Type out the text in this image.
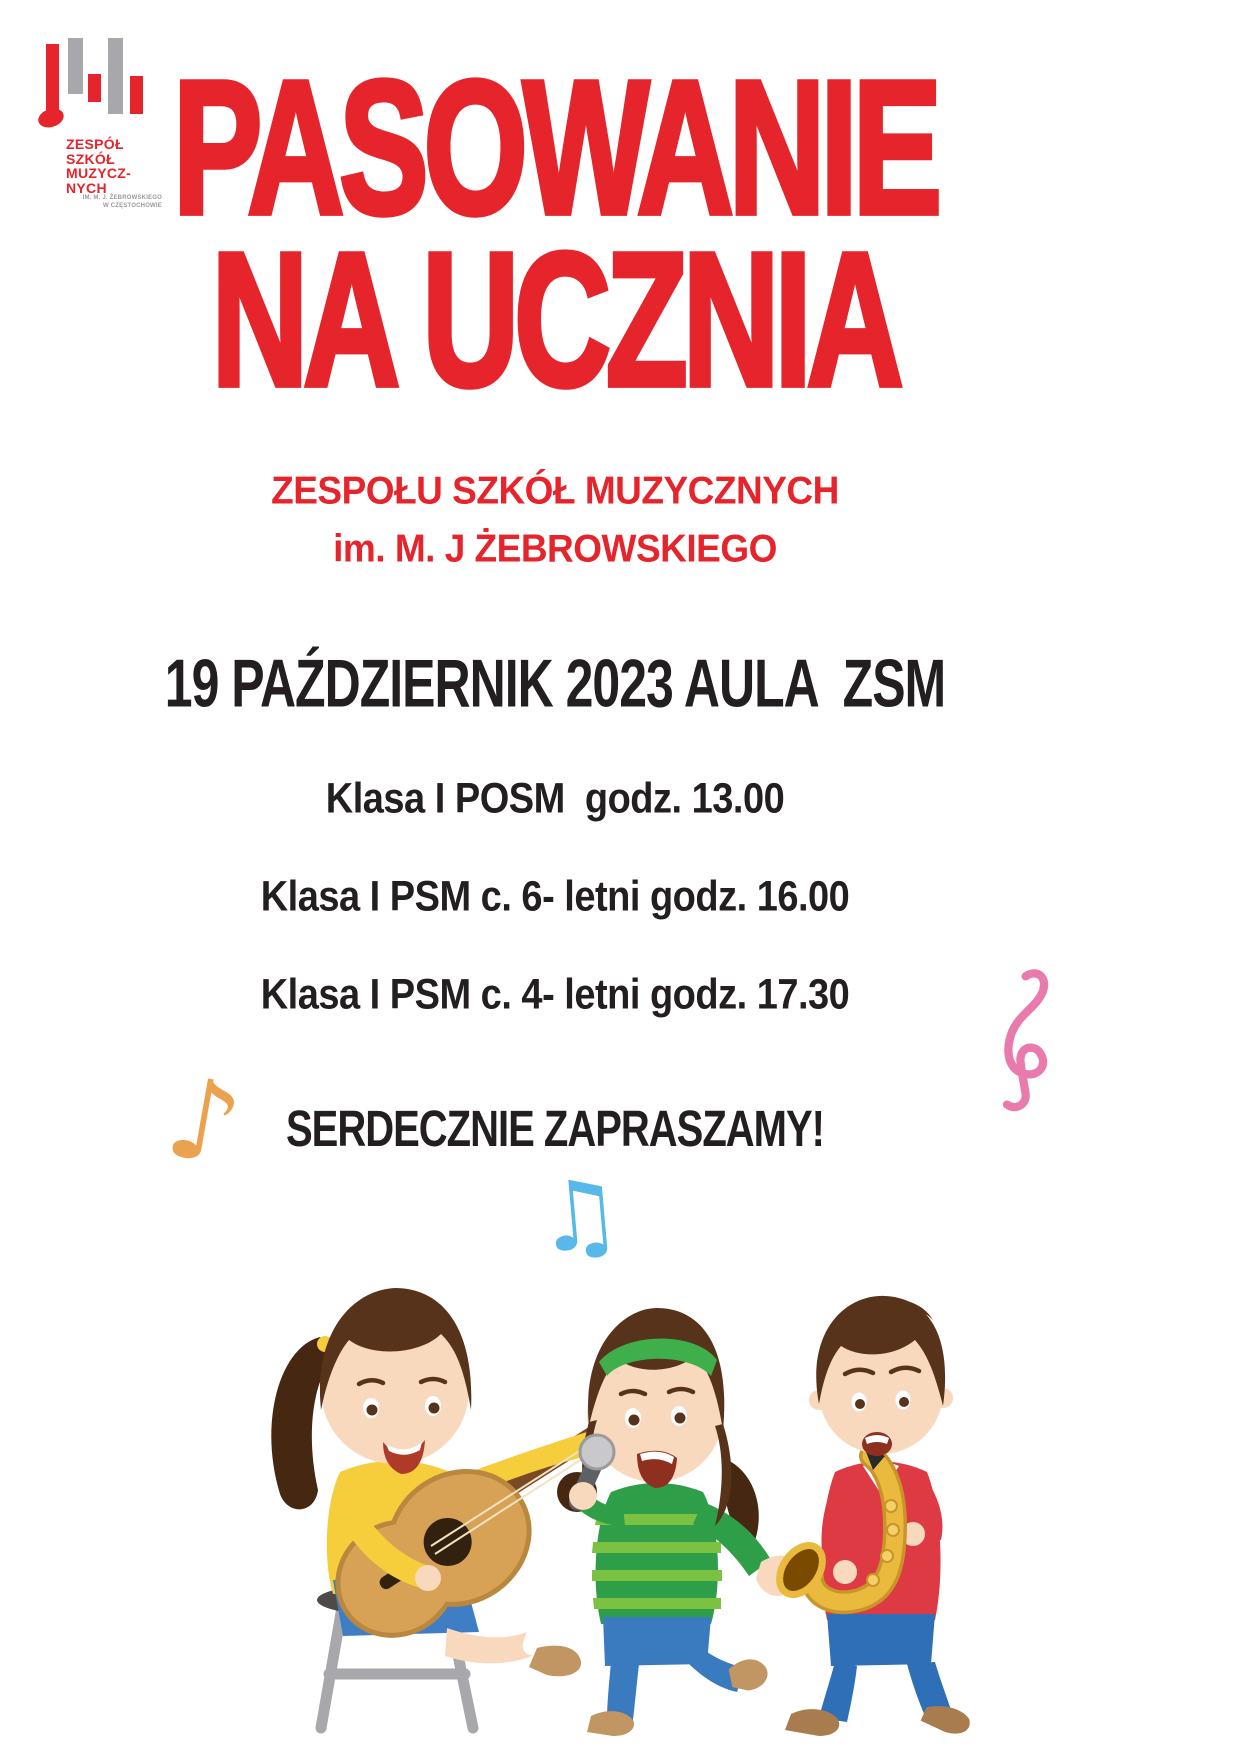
ZESPÓŁ
SZKÓŁ
MUZYCZ-
NYCH
IM. M. J. ŻEBROWSKIEGO
W CZĘSTOCHOWIE PASOWANIE
NA UCZNIA
ZESPOŁU SZKÓŁ MUZYCZNYCH
im. M. J ŻEBROWSKIEGO
19 PAŹDZIERNIK 2023 AULA  ZSM
Klasa I POSM  godz. 13.00
Klasa I PSM c. 6- letni godz. 16.00
Klasa I PSM c. 4- letni godz. 17.30
SERDECZNIE ZAPRASZAMY!
♪
♫
